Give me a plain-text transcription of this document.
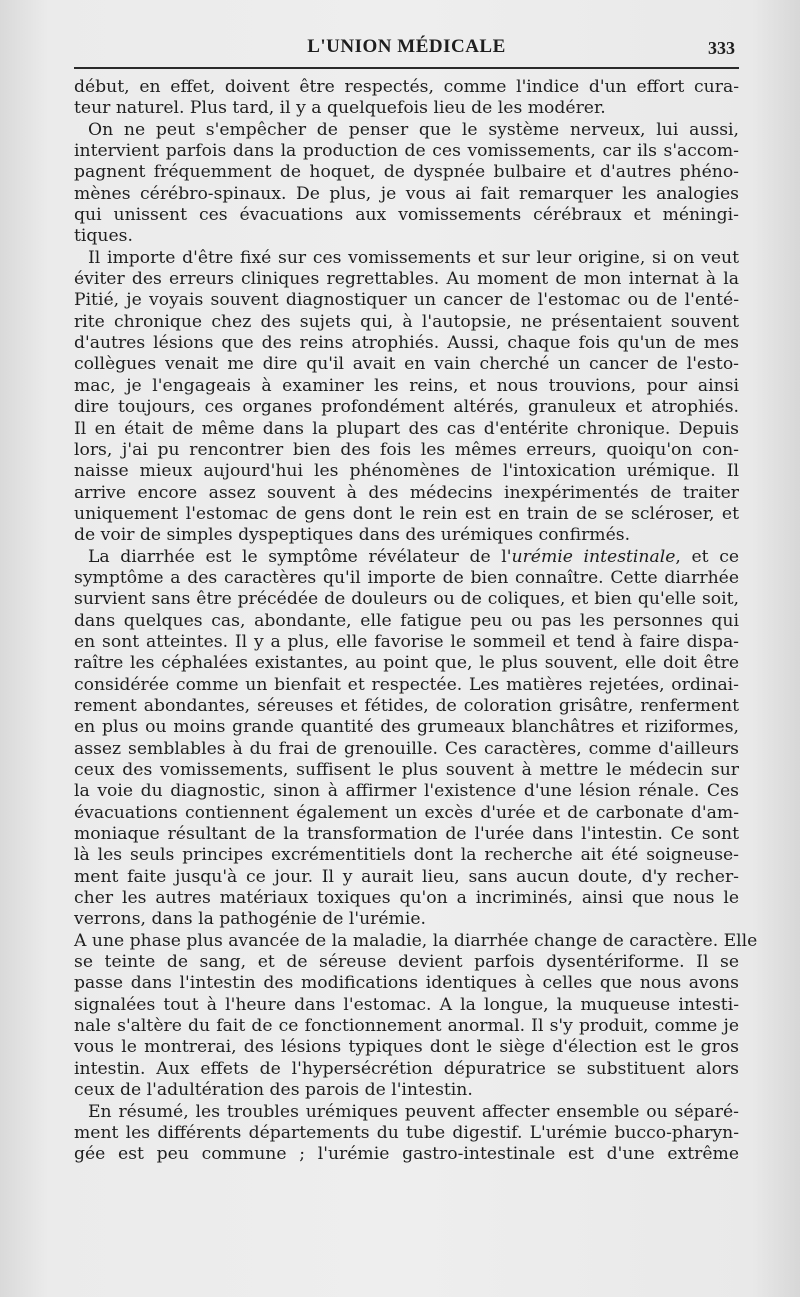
L'UNION MÉDICALE	333
début, en effet, doivent être respectés, comme l'indice d'un effort cura-
teur naturel. Plus tard, il y a quelquefois lieu de les modérer.
On ne peut s'empêcher de penser que le système nerveux, lui aussi,
intervient parfois dans la production de ces vomissements, car ils s'accom-
pagnent fréquemment de hoquet, de dyspnée bulbaire et d'autres phéno-
mènes cérébro-spinaux. De plus, je vous ai fait remarquer les analogies
qui unissent ces évacuations aux vomissements cérébraux et méningi-
tiques.
Il importe d'être fixé sur ces vomissements et sur leur origine, si on veut
éviter des erreurs cliniques regrettables. Au moment de mon internat à la
Pitié, je voyais souvent diagnostiquer un cancer de l'estomac ou de l'enté-
rite chronique chez des sujets qui, à l'autopsie, ne présentaient souvent
d'autres lésions que des reins atrophiés. Aussi, chaque fois qu'un de mes
collègues venait me dire qu'il avait en vain cherché un cancer de l'esto-
mac, je l'engageais à examiner les reins, et nous trouvions, pour ainsi
dire toujours, ces organes profondément altérés, granuleux et atrophiés.
Il en était de même dans la plupart des cas d'entérite chronique. Depuis
lors, j'ai pu rencontrer bien des fois les mêmes erreurs, quoiqu'on con-
naisse mieux aujourd'hui les phénomènes de l'intoxication urémique. Il
arrive encore assez souvent à des médecins inexpérimentés de traiter
uniquement l'estomac de gens dont le rein est en train de se scléroser, et
de voir de simples dyspeptiques dans des urémiques confirmés.
La diarrhée est le symptôme révélateur de l'urémie intestinale, et ce
symptôme a des caractères qu'il importe de bien connaître. Cette diarrhée
survient sans être précédée de douleurs ou de coliques, et bien qu'elle soit,
dans quelques cas, abondante, elle fatigue peu ou pas les personnes qui
en sont atteintes. Il y a plus, elle favorise le sommeil et tend à faire dispa-
raître les céphalées existantes, au point que, le plus souvent, elle doit être
considérée comme un bienfait et respectée. Les matières rejetées, ordinai-
rement abondantes, séreuses et fétides, de coloration grisâtre, renferment
en plus ou moins grande quantité des grumeaux blanchâtres et riziformes,
assez semblables à du frai de grenouille. Ces caractères, comme d'ailleurs
ceux des vomissements, suffisent le plus souvent à mettre le médecin sur
la voie du diagnostic, sinon à affirmer l'existence d'une lésion rénale. Ces
évacuations contiennent également un excès d'urée et de carbonate d'am-
moniaque résultant de la transformation de l'urée dans l'intestin. Ce sont
là les seuls principes excrémentitiels dont la recherche ait été soigneuse-
ment faite jusqu'à ce jour. Il y aurait lieu, sans aucun doute, d'y recher-
cher les autres matériaux toxiques qu'on a incriminés, ainsi que nous le
verrons, dans la pathogénie de l'urémie.
A une phase plus avancée de la maladie, la diarrhée change de caractère. Elle
se teinte de sang, et de séreuse devient parfois dysentériforme. Il se
passe dans l'intestin des modifications identiques à celles que nous avons
signalées tout à l'heure dans l'estomac. A la longue, la muqueuse intesti-
nale s'altère du fait de ce fonctionnement anormal. Il s'y produit, comme je
vous le montrerai, des lésions typiques dont le siège d'élection est le gros
intestin. Aux effets de l'hypersécrétion dépuratrice se substituent alors
ceux de l'adultération des parois de l'intestin.
En résumé, les troubles urémiques peuvent affecter ensemble ou séparé-
ment les différents départements du tube digestif. L'urémie bucco-pharyn-
gée est peu commune ; l'urémie gastro-intestinale est d'une extrême
